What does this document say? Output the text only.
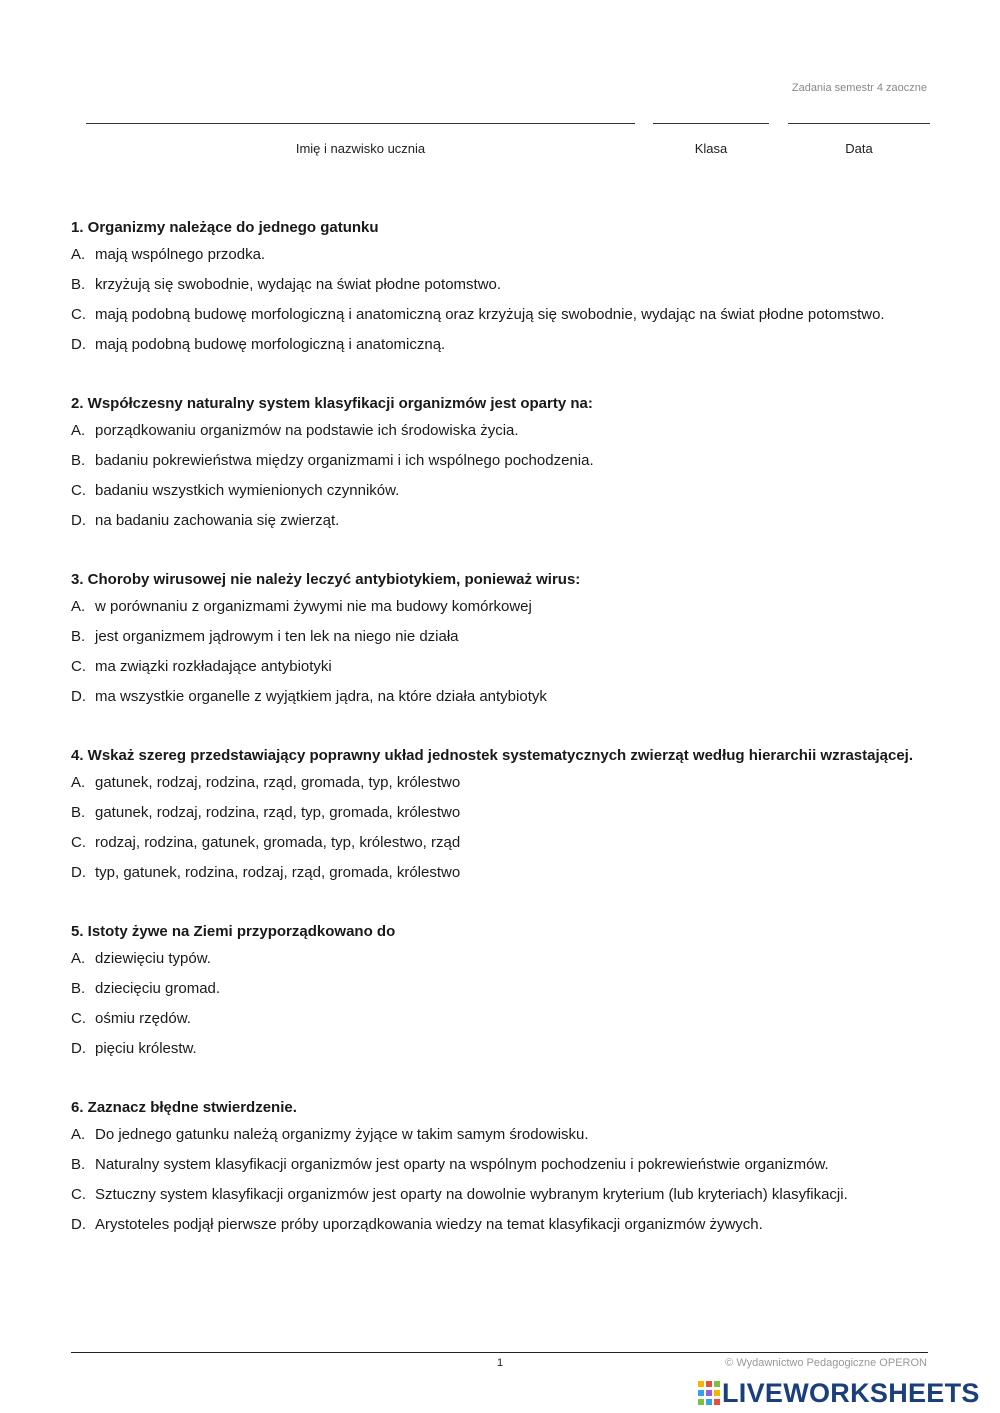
Zadania semestr 4 zaoczne
Imię i nazwisko ucznia	Klasa	Data
1. Organizmy należące do jednego gatunku
A. mają wspólnego przodka.
B. krzyżują się swobodnie, wydając na świat płodne potomstwo.
C. mają podobną budowę morfologiczną i anatomiczną oraz krzyżują się swobodnie, wydając na świat płodne potomstwo.
D. mają podobną budowę morfologiczną i anatomiczną.
2. Współczesny naturalny system klasyfikacji organizmów jest oparty na:
A. porządkowaniu organizmów na podstawie ich środowiska życia.
B. badaniu pokrewieństwa między organizmami i ich wspólnego pochodzenia.
C. badaniu wszystkich wymienionych czynników.
D. na badaniu zachowania się zwierząt.
3. Choroby wirusowej nie należy leczyć antybiotykiem, ponieważ wirus:
A. w porównaniu z organizmami żywymi nie ma budowy komórkowej
B. jest organizmem jądrowym i ten lek na niego nie działa
C. ma związki rozkładające antybiotyki
D. ma wszystkie organelle z wyjątkiem jądra, na które działa antybiotyk
4. Wskaż szereg przedstawiający poprawny układ jednostek systematycznych zwierząt według hierarchii wzrastającej.
A. gatunek, rodzaj, rodzina, rząd, gromada, typ, królestwo
B. gatunek, rodzaj, rodzina, rząd, typ, gromada, królestwo
C. rodzaj, rodzina, gatunek, gromada, typ, królestwo, rząd
D. typ, gatunek, rodzina, rodzaj, rząd, gromada, królestwo
5. Istoty żywe na Ziemi przyporządkowano do
A. dziewięciu typów.
B. dziecięciu gromad.
C. ośmiu rzędów.
D. pięciu królestw.
6. Zaznacz błędne stwierdzenie.
A. Do jednego gatunku należą organizmy żyjące w takim samym środowisku.
B. Naturalny system klasyfikacji organizmów jest oparty na wspólnym pochodzeniu i pokrewieństwie organizmów.
C. Sztuczny system klasyfikacji organizmów jest oparty na dowolnie wybranym kryterium (lub kryteriach) klasyfikacji.
D. Arystoteles podjął pierwsze próby uporządkowania wiedzy na temat klasyfikacji organizmów żywych.
1	© Wydawnictwo Pedagogiczne OPERON
LIVEWORKSHEETS
